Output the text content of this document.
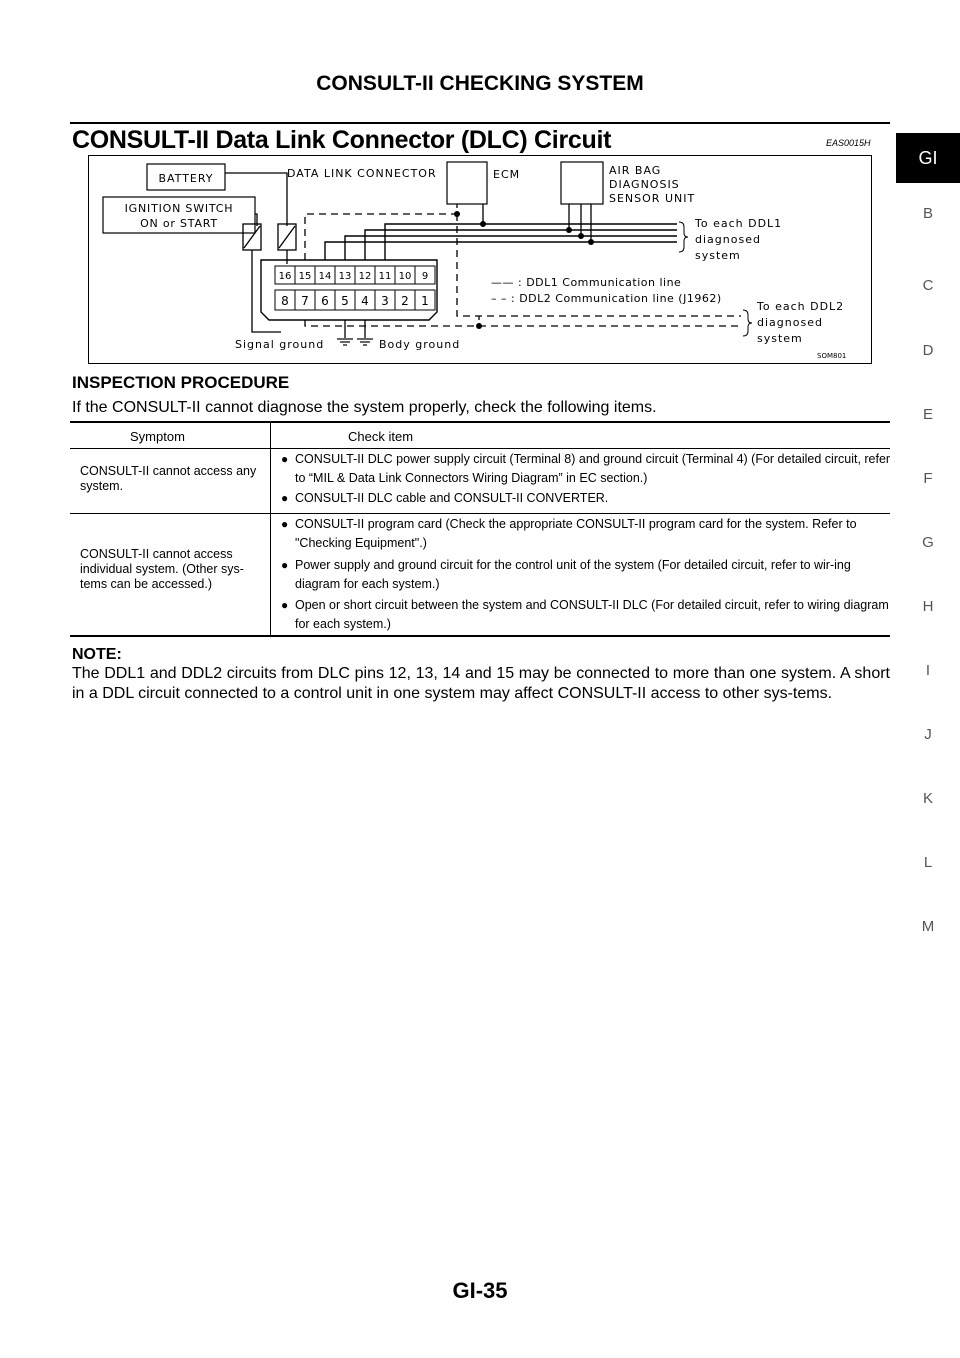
CONSULT-II CHECKING SYSTEM
CONSULT-II Data Link Connector (DLC) Circuit	EAS0015H
GI
B
C
D
E
F
G
H
I
J
K
L
M
BATTERY
IGNITION SWITCH
ON or START
DATA LINK CONNECTOR	ECM	AIR BAG
DIAGNOSIS
SENSOR UNIT
16 15 14 13 12 11 10 9
8 7 6 5 4 3 2 1
To each DDL1
diagnosed
system
To each DDL2
diagnosed
system
—— : DDL1 Communication line
– – : DDL2 Communication line (J1962)
Signal ground	Body ground
SOM801
INSPECTION PROCEDURE
If the CONSULT-II cannot diagnose the system properly, check the following items.
Symptom	Check item
CONSULT-II cannot access any system.
● CONSULT-II DLC power supply circuit (Terminal 8) and ground circuit (Terminal 4) (For detailed circuit, refer to “MIL & Data Link Connectors Wiring Diagram” in EC section.)
● CONSULT-II DLC cable and CONSULT-II CONVERTER.
CONSULT-II cannot access individual system. (Other sys-tems can be accessed.)
● CONSULT-II program card (Check the appropriate CONSULT-II program card for the system. Refer to "Checking Equipment".)
● Power supply and ground circuit for the control unit of the system (For detailed circuit, refer to wir-ing diagram for each system.)
● Open or short circuit between the system and CONSULT-II DLC (For detailed circuit, refer to wiring diagram for each system.)
NOTE:
The DDL1 and DDL2 circuits from DLC pins 12, 13, 14 and 15 may be connected to more than one system. A short in a DDL circuit connected to a control unit in one system may affect CONSULT-II access to other sys-tems.
GI-35
